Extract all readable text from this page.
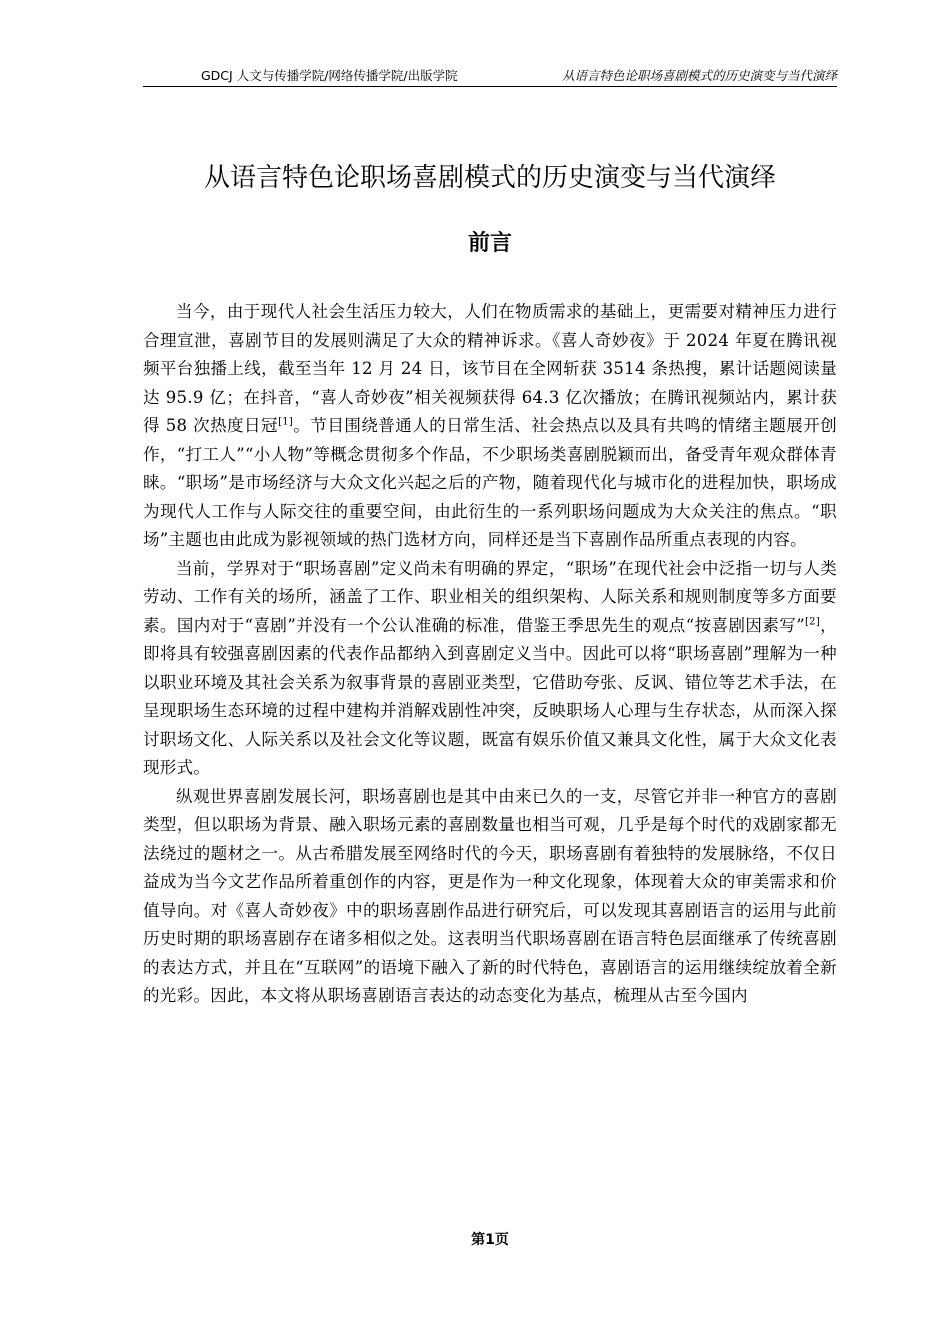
GDCJ 人文与传播学院/网络传播学院/出版学院	从语言特色论职场喜剧模式的历史演变与当代演绎
从语言特色论职场喜剧模式的历史演变与当代演绎
前言

当今，由于现代人社会生活压力较大，人们在物质需求的基础上，更需要对精神压力进行合理宣泄，喜剧节目的发展则满足了大众的精神诉求。《喜人奇妙夜》于 2024 年夏在腾讯视频平台独播上线，截至当年 12 月 24 日，该节目在全网斩获 3514 条热搜，累计话题阅读量达 95.9 亿；在抖音，“喜人奇妙夜”相关视频获得 64.3 亿次播放；在腾讯视频站内，累计获得 58 次热度日冠[1]。节目围绕普通人的日常生活、社会热点以及具有共鸣的情绪主题展开创作，“打工人”“小人物”等概念贯彻多个作品，不少职场类喜剧脱颖而出，备受青年观众群体青睐。“职场”是市场经济与大众文化兴起之后的产物，随着现代化与城市化的进程加快，职场成为现代人工作与人际交往的重要空间，由此衍生的一系列职场问题成为大众关注的焦点。“职场”主题也由此成为影视领域的热门选材方向，同样还是当下喜剧作品所重点表现的内容。

当前，学界对于“职场喜剧”定义尚未有明确的界定，“职场”在现代社会中泛指一切与人类劳动、工作有关的场所，涵盖了工作、职业相关的组织架构、人际关系和规则制度等多方面要素。国内对于“喜剧”并没有一个公认准确的标准，借鉴王季思先生的观点“按喜剧因素写”[2]，即将具有较强喜剧因素的代表作品都纳入到喜剧定义当中。因此可以将“职场喜剧”理解为一种以职业环境及其社会关系为叙事背景的喜剧亚类型，它借助夸张、反讽、错位等艺术手法，在呈现职场生态环境的过程中建构并消解戏剧性冲突，反映职场人心理与生存状态，从而深入探讨职场文化、人际关系以及社会文化等议题，既富有娱乐价值又兼具文化性，属于大众文化表现形式。

纵观世界喜剧发展长河，职场喜剧也是其中由来已久的一支，尽管它并非一种官方的喜剧类型，但以职场为背景、融入职场元素的喜剧数量也相当可观，几乎是每个时代的戏剧家都无法绕过的题材之一。从古希腊发展至网络时代的今天，职场喜剧有着独特的发展脉络，不仅日益成为当今文艺作品所着重创作的内容，更是作为一种文化现象，体现着大众的审美需求和价值导向。对《喜人奇妙夜》中的职场喜剧作品进行研究后，可以发现其喜剧语言的运用与此前历史时期的职场喜剧存在诸多相似之处。这表明当代职场喜剧在语言特色层面继承了传统喜剧的表达方式，并且在“互联网”的语境下融入了新的时代特色，喜剧语言的运用继续绽放着全新的光彩。因此，本文将从职场喜剧语言表达的动态变化为基点，梳理从古至今国内

第1页
